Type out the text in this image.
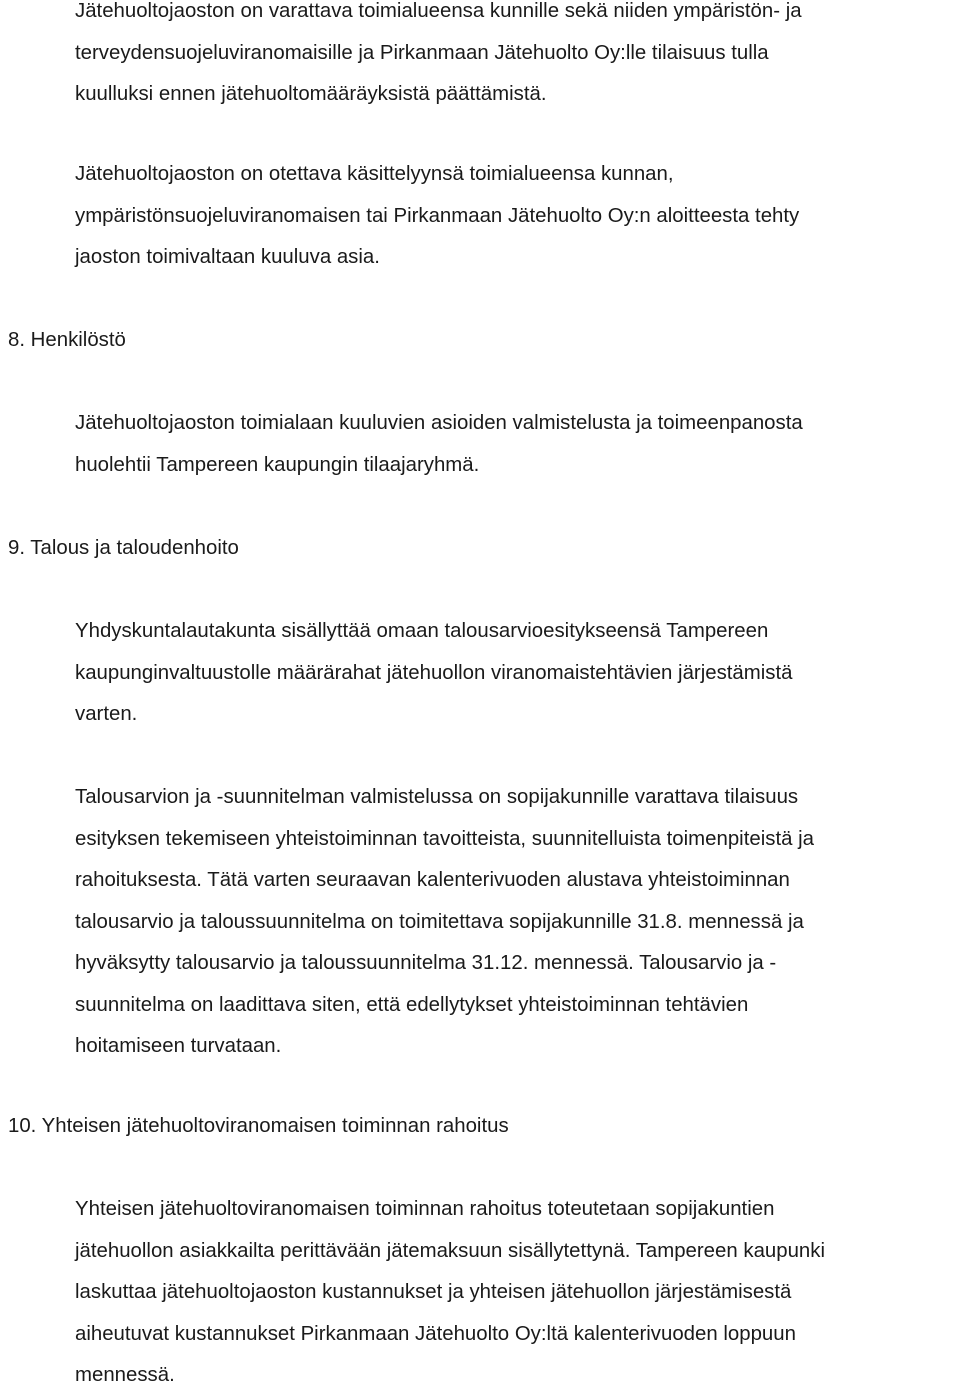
Jätehuoltojaoston on varattava toimialueensa kunnille sekä niiden ympäristön- ja
terveydensuojeluviranomaisille ja Pirkanmaan Jätehuolto Oy:lle tilaisuus tulla
kuulluksi ennen jätehuoltomääräyksistä päättämistä.
Jätehuoltojaoston on otettava käsittelyynsä toimialueensa kunnan,
ympäristönsuojeluviranomaisen tai Pirkanmaan Jätehuolto Oy:n aloitteesta tehty
jaoston toimivaltaan kuuluva asia.
8. Henkilöstö
Jätehuoltojaoston toimialaan kuuluvien asioiden valmistelusta ja toimeenpanosta
huolehtii Tampereen kaupungin tilaajaryhmä.
9. Talous ja taloudenhoito
Yhdyskuntalautakunta sisällyttää omaan talousarvioesitykseensä Tampereen
kaupunginvaltuustolle määrärahat jätehuollon viranomaistehtävien järjestämistä
varten.
Talousarvion ja -suunnitelman valmistelussa on sopijakunnille varattava tilaisuus
esityksen tekemiseen yhteistoiminnan tavoitteista, suunnitelluista toimenpiteistä ja
rahoituksesta. Tätä varten seuraavan kalenterivuoden alustava yhteistoiminnan
talousarvio ja taloussuunnitelma on toimitettava sopijakunnille 31.8. mennessä ja
hyväksytty talousarvio ja taloussuunnitelma 31.12. mennessä. Talousarvio ja -
suunnitelma on laadittava siten, että edellytykset yhteistoiminnan tehtävien
hoitamiseen turvataan.
10. Yhteisen jätehuoltoviranomaisen toiminnan rahoitus
Yhteisen jätehuoltoviranomaisen toiminnan rahoitus toteutetaan sopijakuntien
jätehuollon asiakkailta perittävään jätemaksuun sisällytettynä. Tampereen kaupunki
laskuttaa jätehuoltojaoston kustannukset ja yhteisen jätehuollon järjestämisestä
aiheutuvat kustannukset Pirkanmaan Jätehuolto Oy:ltä kalenterivuoden loppuun
mennessä.
